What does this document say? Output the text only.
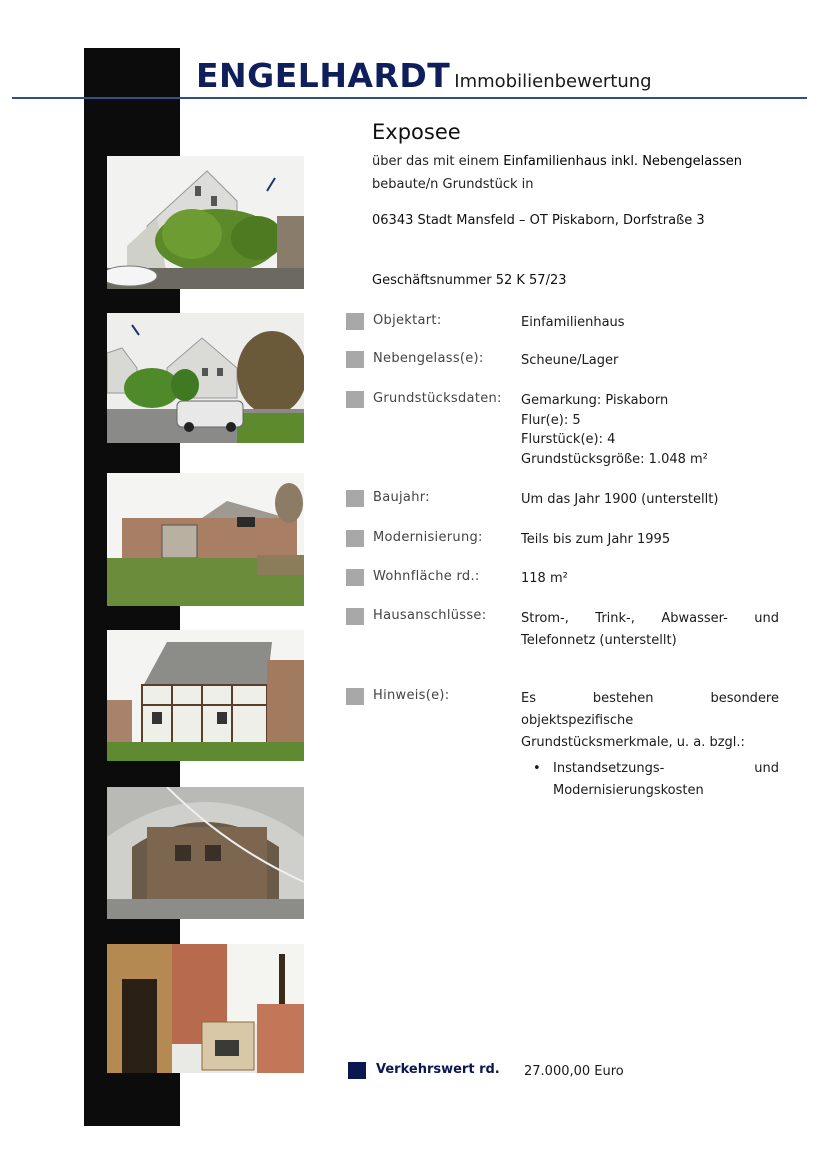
ENGELHARDT Immobilienbewertung
Exposee
über das mit einem Einfamilienhaus inkl. Nebengelassen
bebaute/n Grundstück in
06343 Stadt Mansfeld – OT Piskaborn, Dorfstraße 3
Geschäftsnummer 52 K 57/23
Objektart:	Einfamilienhaus
Nebengelass(e):	Scheune/Lager
Grundstücksdaten: Gemarkung: Piskaborn
Flur(e): 5
Flurstück(e): 4
Grundstücksgröße: 1.048 m²
Baujahr:	Um das Jahr 1900 (unterstellt)
Modernisierung:	Teils bis zum Jahr 1995
Wohnfläche rd.:	118 m²
Hausanschlüsse:	Strom-, Trink-, Abwasser- und Telefonnetz (unterstellt)
Hinweis(e):	Es bestehen besondere objektspezifische Grundstücksmerkmale, u. a. bzgl.:
• Instandsetzungs- und Modernisierungskosten
Verkehrswert rd. 27.000,00 Euro
